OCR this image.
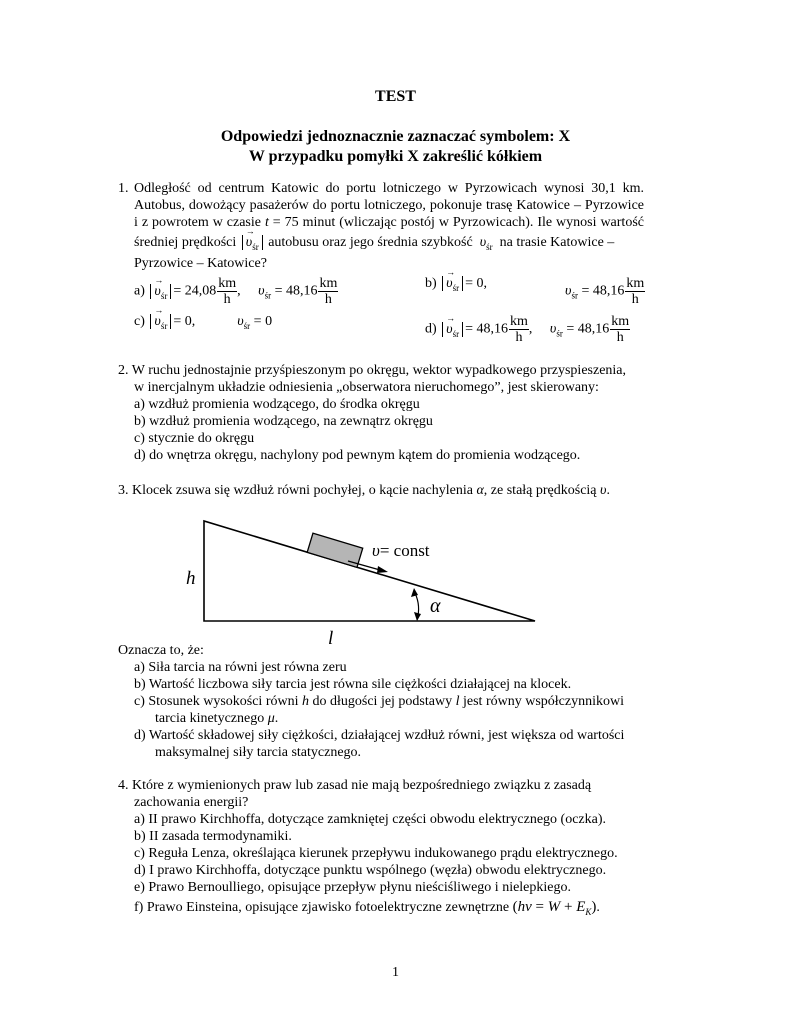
TEST
Odpowiedzi jednoznacznie zaznaczać symbolem: X
W przypadku pomyłki X zakreślić kółkiem
1. Odległość od centrum Katowic do portu lotniczego w Pyrzowicach wynosi 30,1 km.
Autobus, dowożący pasażerów do portu lotniczego, pokonuje trasę Katowice – Pyrzowice
i z powrotem w czasie t = 75 minut (wliczając postój w Pyrzowicach). Ile wynosi wartość
średniej prędkości → $\upsilon_{śr}$ autobusu oraz jego średnia szybkość $\upsilon_{śr}$ na trasie Katowice –
Pyrzowice – Katowice?
$a) \to \upsilon_{śr} = 24,08 \frac{km}{h}$ , $\upsilon_{śr} = 48,16 \frac{km}{h}$	$b) \to \upsilon_{śr} = 0$,
$\upsilon_{śr} = 48,16 \frac{km}{h}$
$c) \to \upsilon_{śr} = 0$,	$\upsilon_{śr} = 0$
$d) \to \upsilon_{śr} = 48,16 \frac{km}{h}$ , $\upsilon_{śr} = 48,16 \frac{km}{h}$
2. W ruchu jednostajnie przyśpieszonym po okręgu, wektor wypadkowego przyspieszenia,
w inercjalnym układzie odniesienia „obserwatora nieruchomego”, jest skierowany:
a) wzdłuż promienia wodzącego, do środka okręgu
b) wzdłuż promienia wodzącego, na zewnątrz okręgu
c) stycznie do okręgu
d) do wnętrza okręgu, nachylony pod pewnym kątem do promienia wodzącego.
3. Klocek zsuwa się wzdłuż równi pochyłej, o kącie nachylenia α, ze stałą prędkością υ.
υ= const
h
l
α
Oznacza to, że:
a) Siła tarcia na równi jest równa zeru
b) Wartość liczbowa siły tarcia jest równa sile ciężkości działającej na klocek.
c) Stosunek wysokości równi h do długości jej podstawy l jest równy współczynnikowi
tarcia kinetycznego μ.
d) Wartość składowej siły ciężkości, działającej wzdłuż równi, jest większa od wartości
maksymalnej siły tarcia statycznego.
4. Które z wymienionych praw lub zasad nie mają bezpośredniego związku z zasadą
zachowania energii?
a) II prawo Kirchhoffa, dotyczące zamkniętej części obwodu elektrycznego (oczka).
b) II zasada termodynamiki.
c) Reguła Lenza, określająca kierunek przepływu indukowanego prądu elektrycznego.
d) I prawo Kirchhoffa, dotyczące punktu wspólnego (węzła) obwodu elektrycznego.
e) Prawo Bernoulliego, opisujące przepływ płynu nieściśliwego i nielepkiego.
f) Prawo Einsteina, opisujące zjawisko fotoelektryczne zewnętrzne $(h\nu = W + E_K)$.
1
